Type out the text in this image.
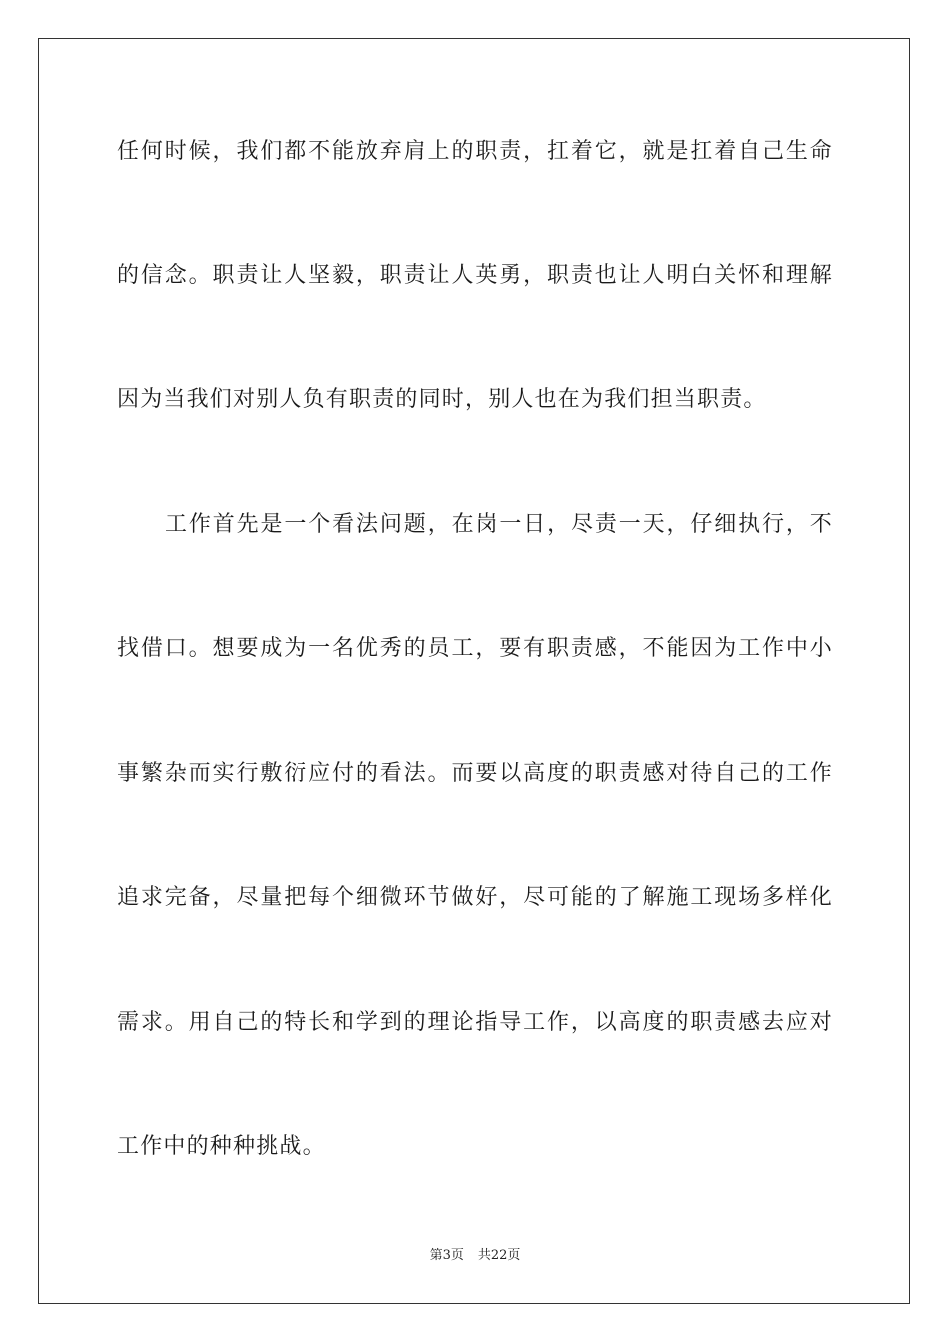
任何时候，我们都不能放弃肩上的职责，扛着它，就是扛着自己生命
的信念。职责让人坚毅，职责让人英勇，职责也让人明白关怀和理解
因为当我们对别人负有职责的同时，别人也在为我们担当职责。
工作首先是一个看法问题，在岗一日，尽责一天，仔细执行，不
找借口。想要成为一名优秀的员工，要有职责感，不能因为工作中小
事繁杂而实行敷衍应付的看法。而要以高度的职责感对待自己的工作
追求完备，尽量把每个细微环节做好，尽可能的了解施工现场多样化
需求。用自己的特长和学到的理论指导工作，以高度的职责感去应对
工作中的种种挑战。
第3页 共22页
